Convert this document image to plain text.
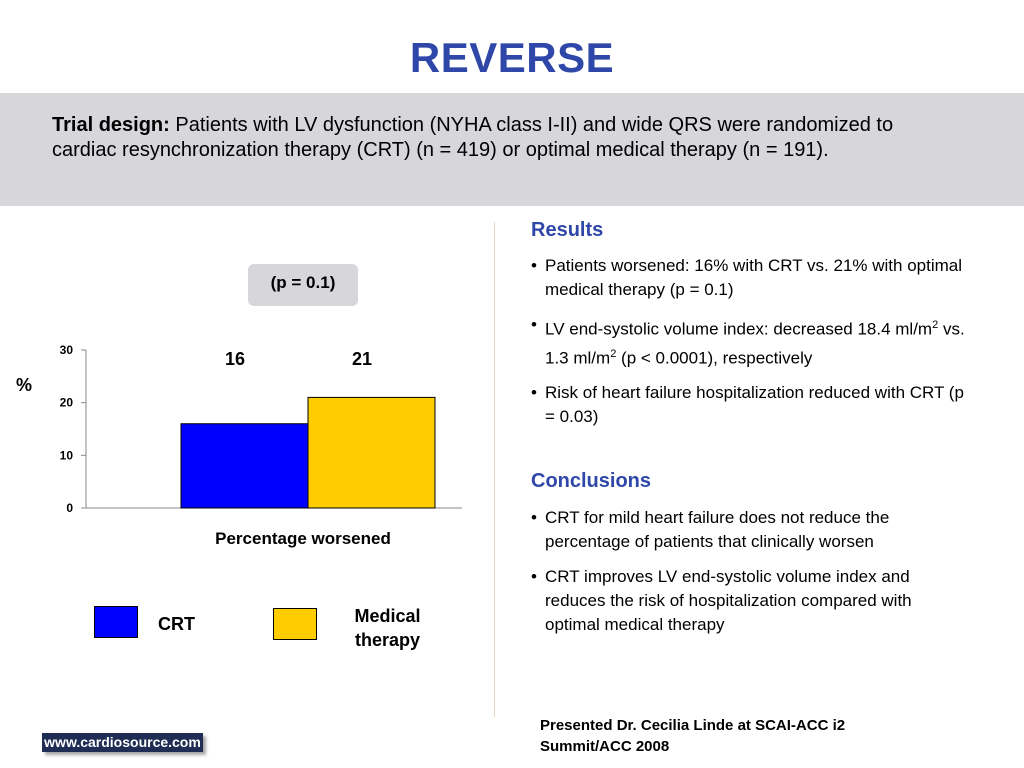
REVERSE
Trial design: Patients with LV dysfunction (NYHA class I-II) and wide QRS were randomized to cardiac resynchronization therapy (CRT) (n = 419) or optimal medical therapy (n = 191).
(p = 0.1)
0
10
20
30	16	21
%
Percentage worsened
CRT	Medical
therapy
Results
• Patients worsened: 16% with CRT vs. 21% with optimal medical therapy (p = 0.1)
• LV end-systolic volume index: decreased 18.4 $ml/m^2$ vs. 1.3 $ml/m^2$ (p < 0.0001), respectively
• Risk of heart failure hospitalization reduced with CRT (p = 0.03)
Conclusions
• CRT for mild heart failure does not reduce the percentage of patients that clinically worsen
• CRT improves LV end-systolic volume index and reduces the risk of hospitalization compared with optimal medical therapy
Presented Dr. Cecilia Linde at SCAI-ACC i2 Summit/ACC 2008
www.cardiosource.com
